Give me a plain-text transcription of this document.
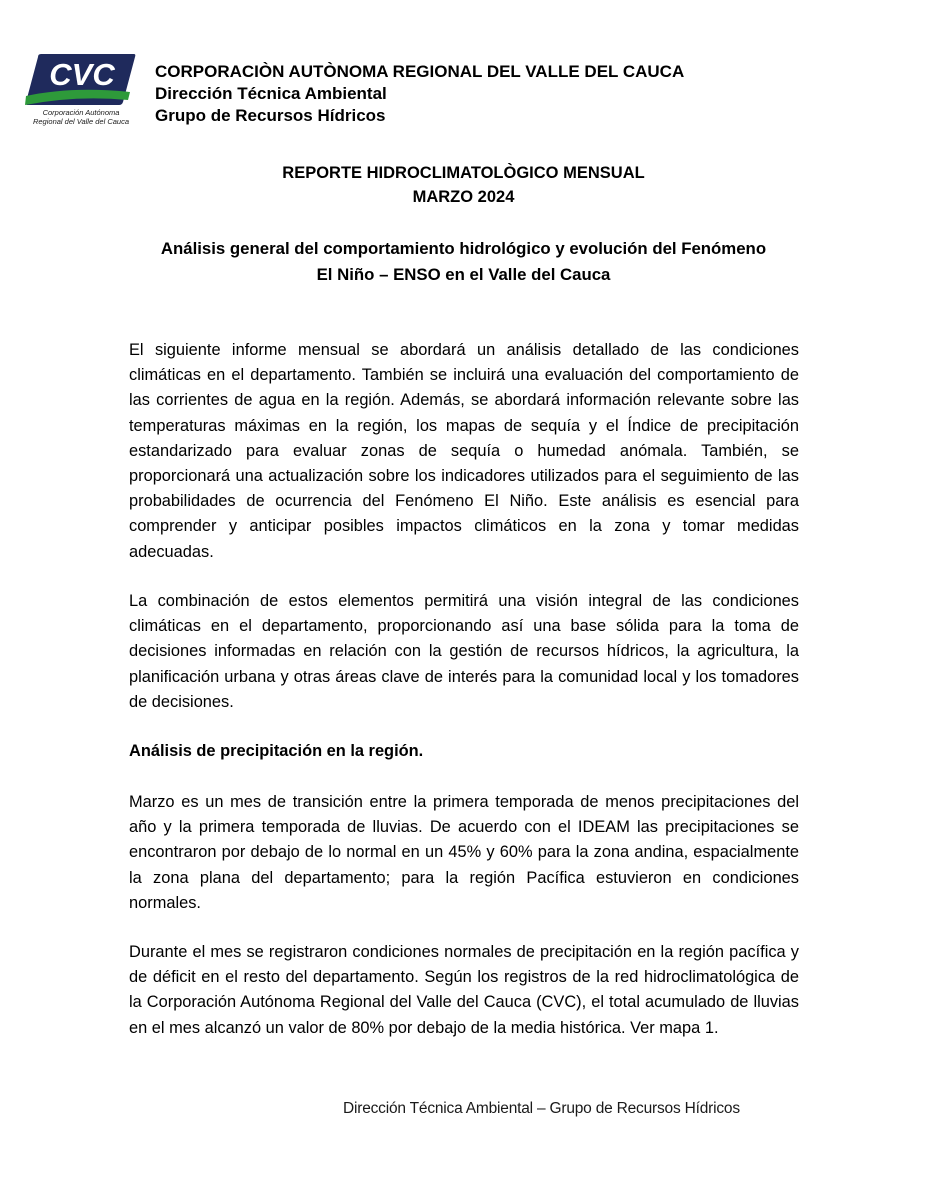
CVC
Corporación Autónoma
Regional del Valle del Cauca
CORPORACIÒN AUTÒNOMA REGIONAL DEL VALLE DEL CAUCA
Dirección Técnica Ambiental
Grupo de Recursos Hídricos
REPORTE HIDROCLIMATOLÒGICO MENSUAL
MARZO 2024
Análisis general del comportamiento hidrológico y evolución del Fenómeno
El Niño – ENSO en el Valle del Cauca

El siguiente informe mensual se abordará un análisis detallado de las condiciones climáticas en el departamento. También se incluirá una evaluación del comportamiento de las corrientes de agua en la región. Además, se abordará información relevante sobre las temperaturas máximas en la región, los mapas de sequía y el Índice de precipitación estandarizado para evaluar zonas de sequía o humedad anómala. También, se proporcionará una actualización sobre los indicadores utilizados para el seguimiento de las probabilidades de ocurrencia del Fenómeno El Niño. Este análisis es esencial para comprender y anticipar posibles impactos climáticos en la zona y tomar medidas adecuadas.

La combinación de estos elementos permitirá una visión integral de las condiciones climáticas en el departamento, proporcionando así una base sólida para la toma de decisiones informadas en relación con la gestión de recursos hídricos, la agricultura, la planificación urbana y otras áreas clave de interés para la comunidad local y los tomadores de decisiones.

Análisis de precipitación en la región.

Marzo es un mes de transición entre la primera temporada de menos precipitaciones del año y la primera temporada de lluvias. De acuerdo con el IDEAM las precipitaciones se encontraron por debajo de lo normal en un 45% y 60% para la zona andina, espacialmente la zona plana del departamento; para la región Pacífica estuvieron en condiciones normales.

Durante el mes se registraron condiciones normales de precipitación en la región pacífica y de déficit en el resto del departamento. Según los registros de la red hidroclimatológica de la Corporación Autónoma Regional del Valle del Cauca (CVC), el total acumulado de lluvias en el mes alcanzó un valor de 80% por debajo de la media histórica. Ver mapa 1.

Dirección Técnica Ambiental – Grupo de Recursos Hídricos
